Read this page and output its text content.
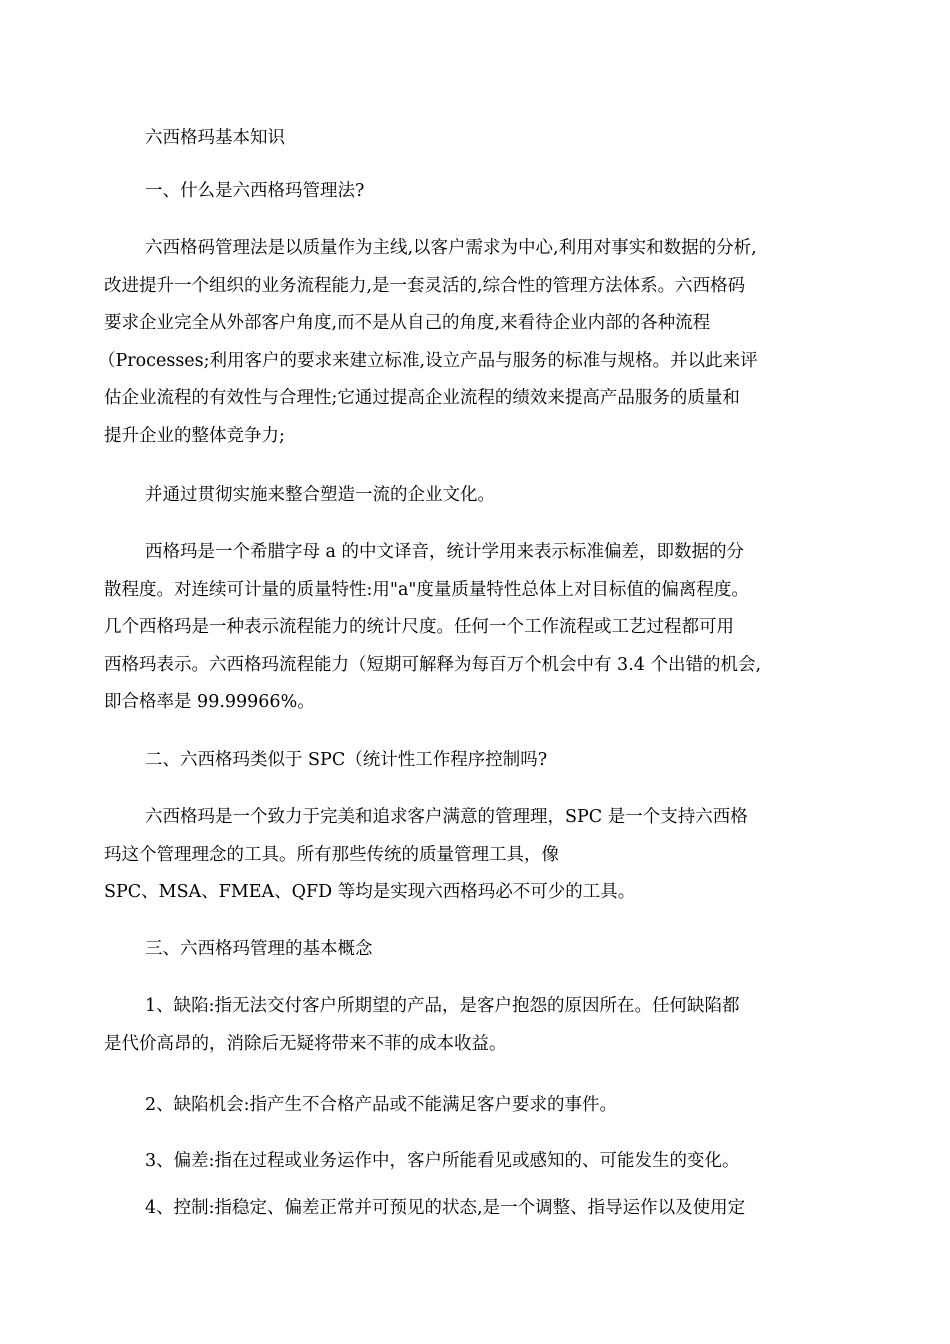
六西格玛基本知识

一、什么是六西格玛管理法?

六西格码管理法是以质量作为主线,以客户需求为中心,利用对事实和数据的分析,
改进提升一个组织的业务流程能力,是一套灵活的,综合性的管理方法体系。六西格码
要求企业完全从外部客户角度,而不是从自己的角度,来看待企业内部的各种流程
（Processes;利用客户的要求来建立标准,设立产品与服务的标准与规格。并以此来评
估企业流程的有效性与合理性;它通过提高企业流程的绩效来提高产品服务的质量和
提升企业的整体竞争力;

并通过贯彻实施来整合塑造一流的企业文化。

西格玛是一个希腊字母 a 的中文译音，统计学用来表示标准偏差，即数据的分
散程度。对连续可计量的质量特性:用"a"度量质量特性总体上对目标值的偏离程度。
几个西格玛是一种表示流程能力的统计尺度。任何一个工作流程或工艺过程都可用
西格玛表示。六西格玛流程能力（短期可解释为每百万个机会中有 3.4 个出错的机会,
即合格率是 99.99966%。

二、六西格玛类似于 SPC（统计性工作程序控制吗?

六西格玛是一个致力于完美和追求客户满意的管理理，SPC 是一个支持六西格
玛这个管理理念的工具。所有那些传统的质量管理工具，像
SPC、MSA、FMEA、QFD 等均是实现六西格玛必不可少的工具。

三、六西格玛管理的基本概念

1、缺陷:指无法交付客户所期望的产品，是客户抱怨的原因所在。任何缺陷都
是代价高昂的，消除后无疑将带来不菲的成本收益。

2、缺陷机会:指产生不合格产品或不能满足客户要求的事件。

3、偏差:指在过程或业务运作中，客户所能看见或感知的、可能发生的变化。

4、控制:指稳定、偏差正常并可预见的状态,是一个调整、指导运作以及使用定
